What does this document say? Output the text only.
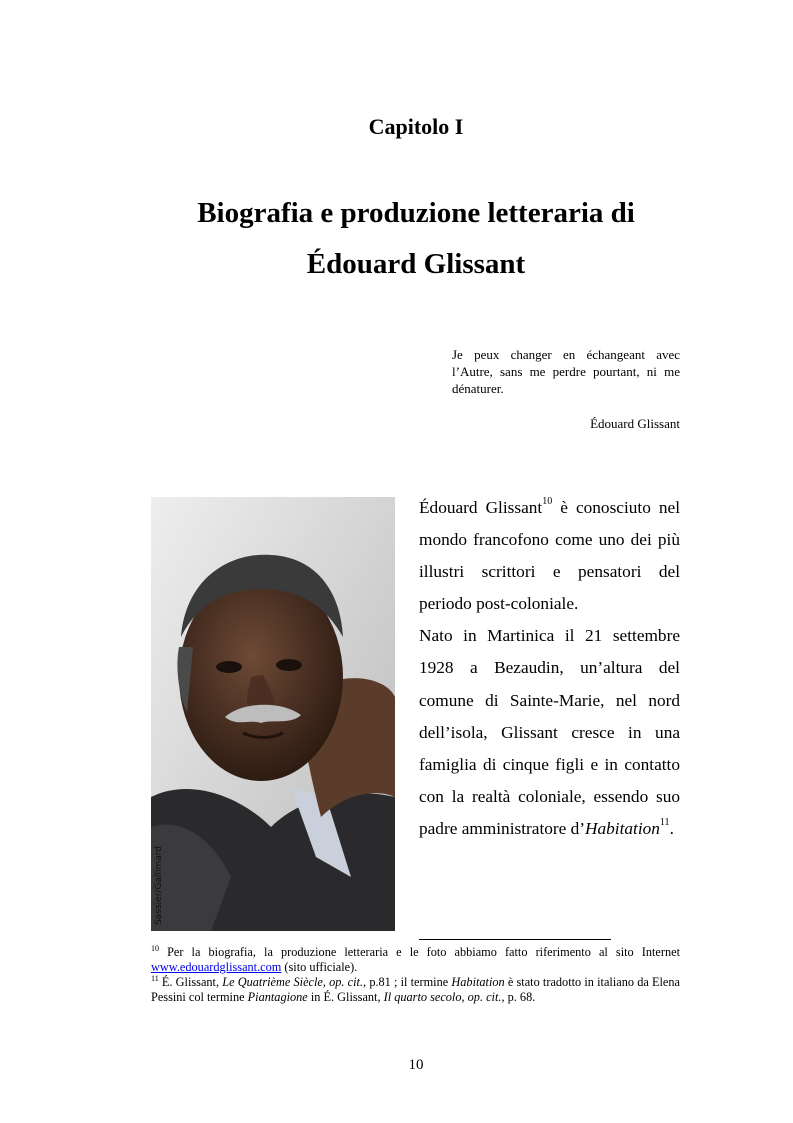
Capitolo I
Biografia e produzione letteraria di
Édouard Glissant
Je peux changer en échangeant avec l’Autre, sans me perdre pourtant, ni me dénaturer.
Édouard Glissant
Sassier/Gallimard

Édouard Glissant$^{10}$ è conosciuto nel mondo francofono come uno dei più illustri scrittori e pensatori del periodo post-coloniale.

Nato in Martinica il 21 settembre 1928 a Bezaudin, un’altura del comune di Sainte-Marie, nel nord dell’isola, Glissant cresce in una famiglia di cinque figli e in contatto con la realtà coloniale, essendo suo padre amministratore d’Habitation$^{11}$.

$^{10}$ Per la biografia, la produzione letteraria e le foto abbiamo fatto riferimento al sito Internet www.edouardglissant.com (sito ufficiale).

$^{11}$ É. Glissant, Le Quatrième Siècle, op. cit., p.81 ; il termine Habitation è stato tradotto in italiano da Elena Pessini col termine Piantagione in É. Glissant, Il quarto secolo, op. cit., p. 68.

10
